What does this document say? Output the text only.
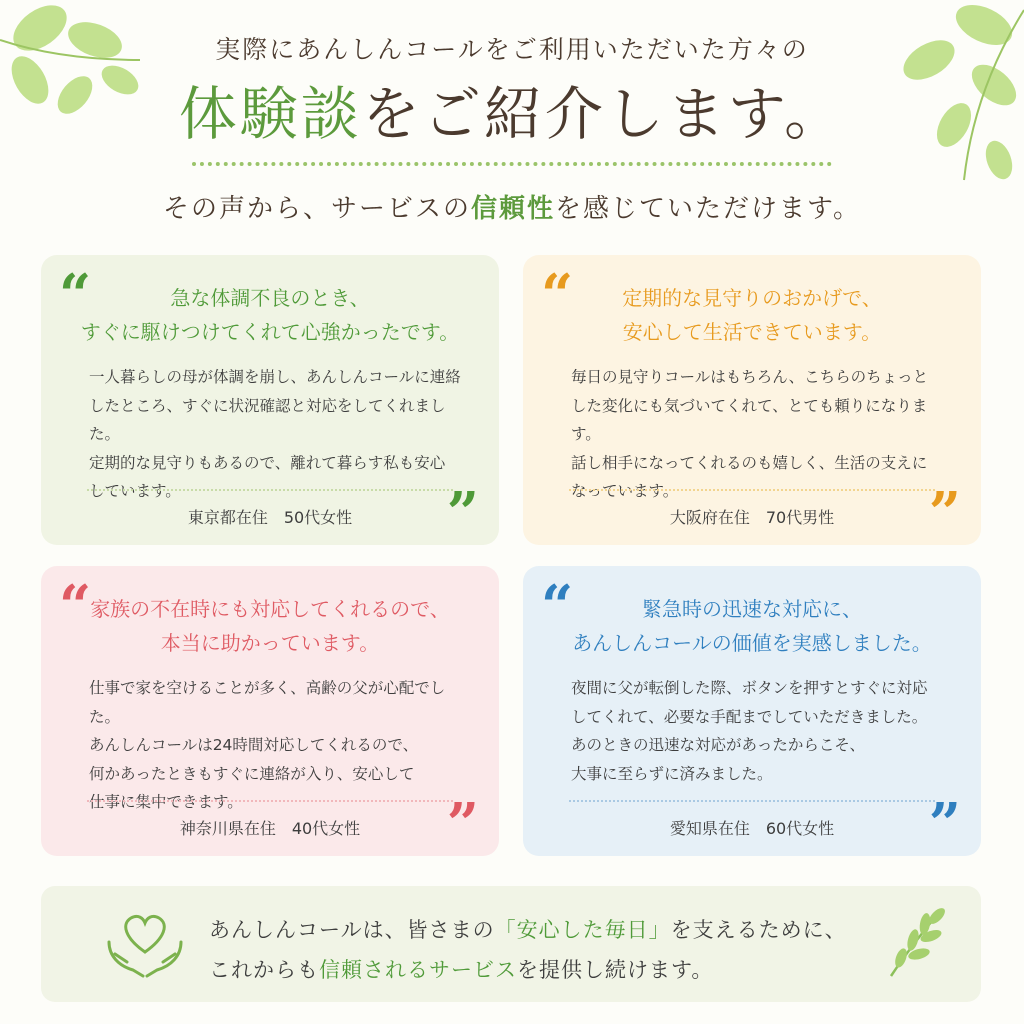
実際にあんしんコールをご利用いただいた方々の
体験談をご紹介します。
その声から、サービスの信頼性を感じていただけます。
“	急な体調不良のとき、
すぐに駆けつけてくれて心強かったです。

一人暮らしの母が体調を崩し、あんしんコールに連絡
したところ、すぐに状況確認と対応をしてくれました。
定期的な見守りもあるので、離れて暮らす私も安心
しています。

東京都在住　50代女性	”
“	定期的な見守りのおかげで、
安心して生活できています。

毎日の見守りコールはもちろん、こちらのちょっと
した変化にも気づいてくれて、とても頼りになります。
話し相手になってくれるのも嬉しく、生活の支えに
なっています。

大阪府在住　70代男性	”
“
家族の不在時にも対応してくれるので、
本当に助かっています。

仕事で家を空けることが多く、高齢の父が心配でした。
あんしんコールは24時間対応してくれるので、
何かあったときもすぐに連絡が入り、安心して
仕事に集中できます。

神奈川県在住　40代女性	”
“	緊急時の迅速な対応に、
あんしんコールの価値を実感しました。

夜間に父が転倒した際、ボタンを押すとすぐに対応
してくれて、必要な手配までしていただきました。
あのときの迅速な対応があったからこそ、
大事に至らずに済みました。

愛知県在住　60代女性	”
あんしんコールは、皆さまの「安心した毎日」を支えるために、
これからも信頼されるサービスを提供し続けます。
